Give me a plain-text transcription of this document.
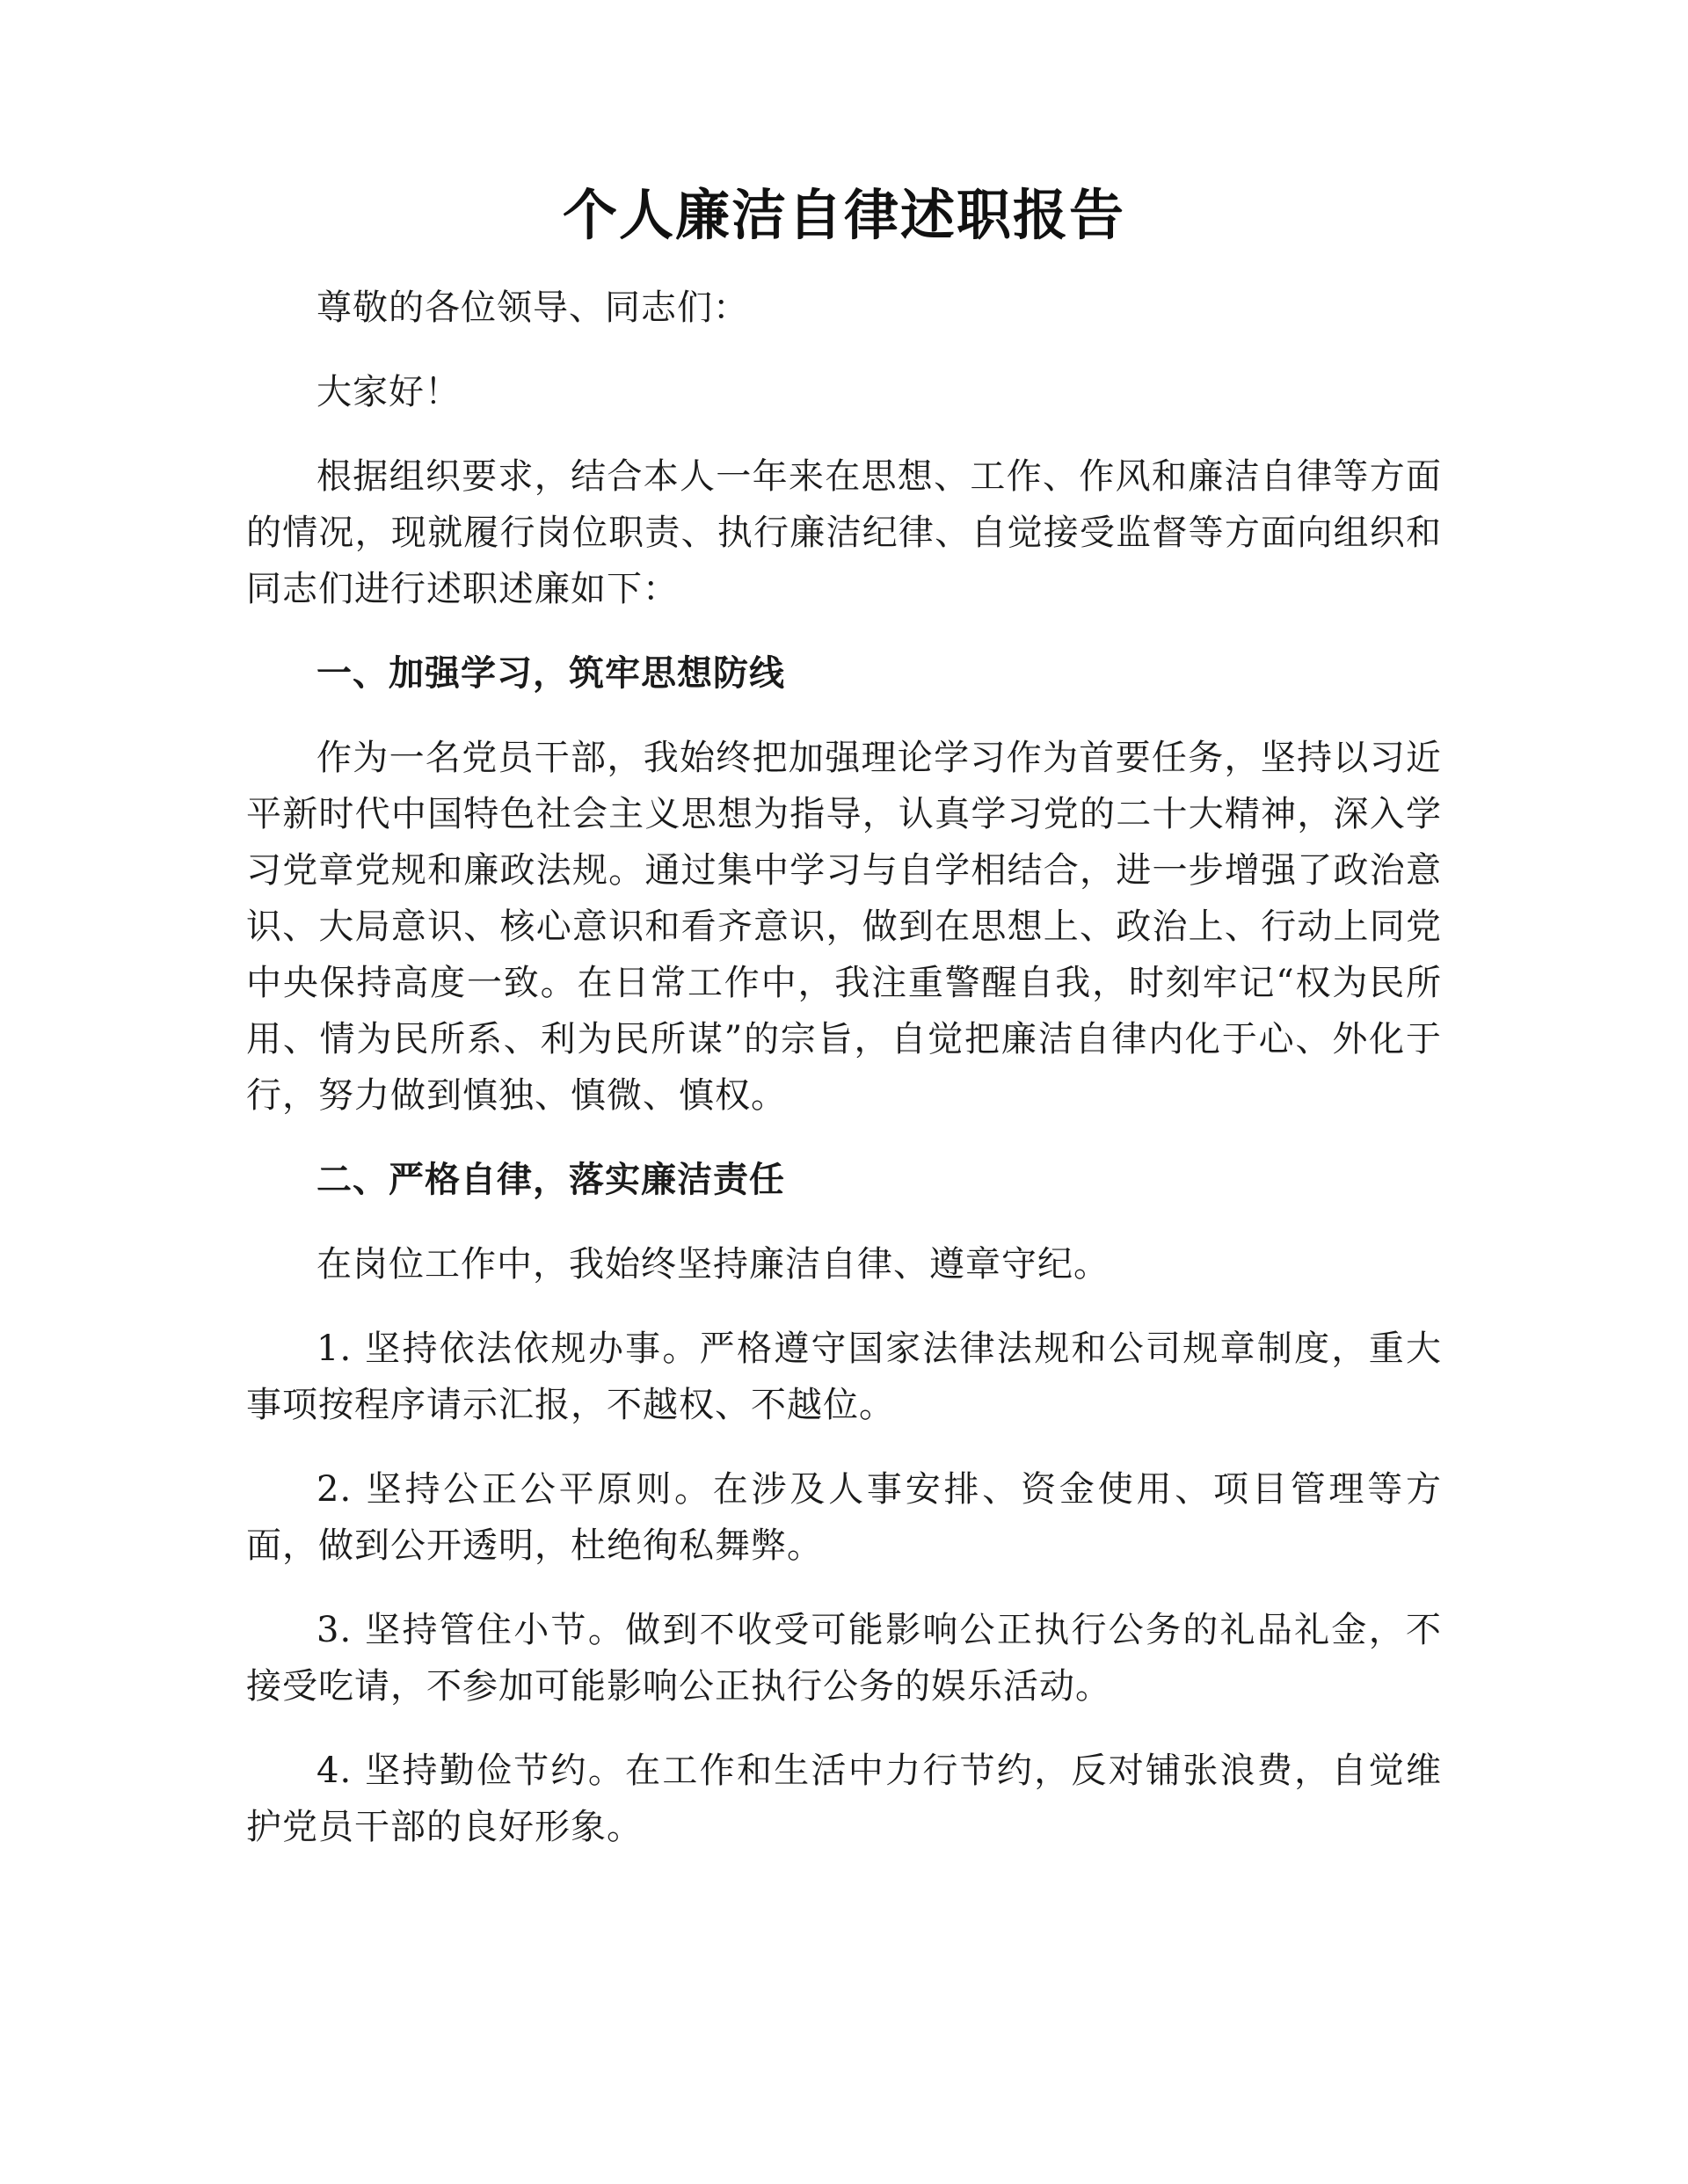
个人廉洁自律述职报告

尊敬的各位领导、同志们：

大家好！

根据组织要求，结合本人一年来在思想、工作、作风和廉洁自律等方面的情况，现就履行岗位职责、执行廉洁纪律、自觉接受监督等方面向组织和同志们进行述职述廉如下：

一、加强学习，筑牢思想防线

作为一名党员干部，我始终把加强理论学习作为首要任务，坚持以习近平新时代中国特色社会主义思想为指导，认真学习党的二十大精神，深入学习党章党规和廉政法规。通过集中学习与自学相结合，进一步增强了政治意识、大局意识、核心意识和看齐意识，做到在思想上、政治上、行动上同党中央保持高度一致。在日常工作中，我注重警醒自我，时刻牢记“权为民所用、情为民所系、利为民所谋”的宗旨，自觉把廉洁自律内化于心、外化于行，努力做到慎独、慎微、慎权。

二、严格自律，落实廉洁责任

在岗位工作中，我始终坚持廉洁自律、遵章守纪。

1. 坚持依法依规办事。严格遵守国家法律法规和公司规章制度，重大事项按程序请示汇报，不越权、不越位。

2. 坚持公正公平原则。在涉及人事安排、资金使用、项目管理等方面，做到公开透明，杜绝徇私舞弊。

3. 坚持管住小节。做到不收受可能影响公正执行公务的礼品礼金，不接受吃请，不参加可能影响公正执行公务的娱乐活动。

4. 坚持勤俭节约。在工作和生活中力行节约，反对铺张浪费，自觉维护党员干部的良好形象。
